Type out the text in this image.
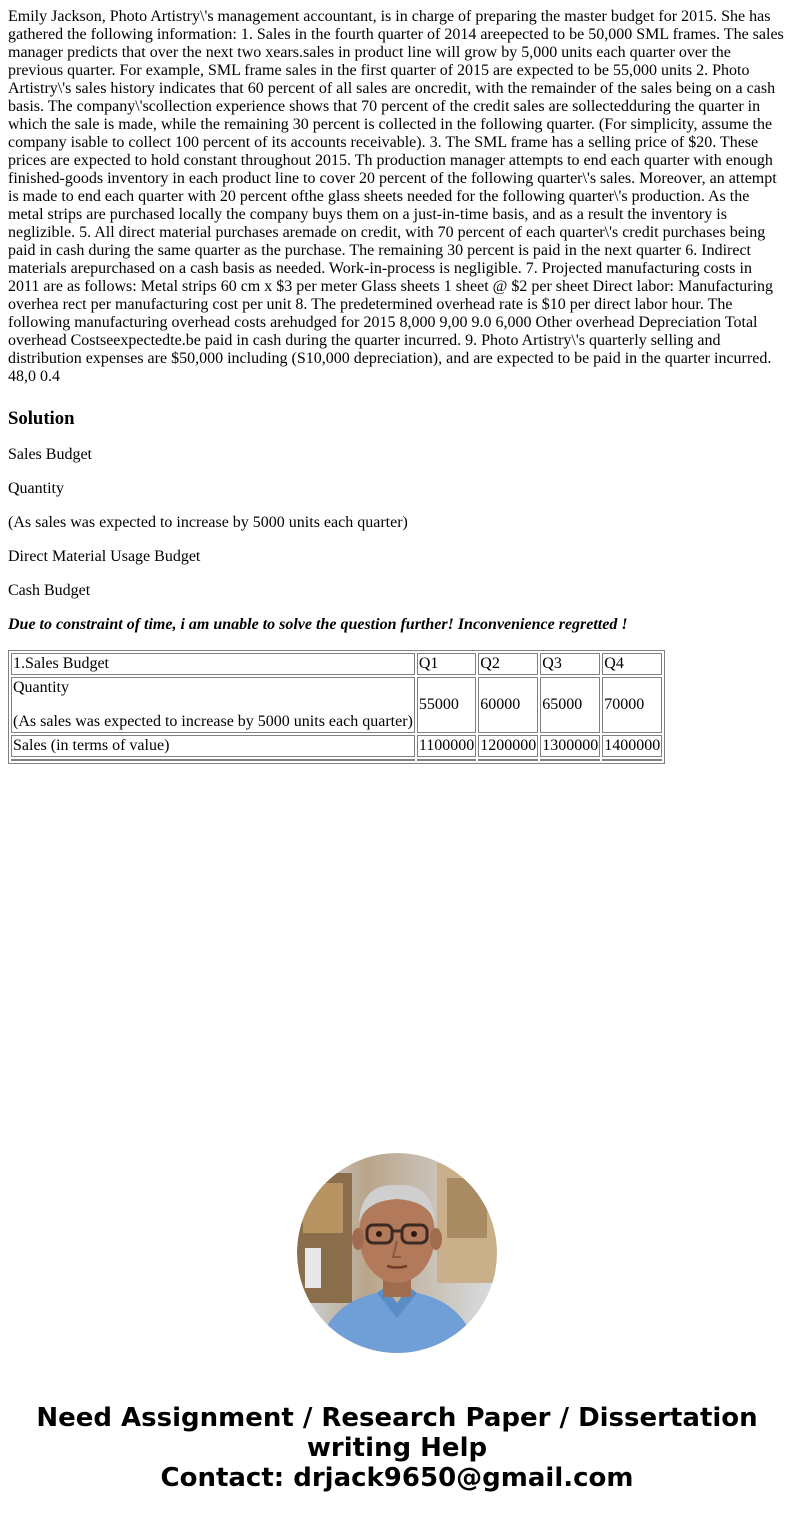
Emily Jackson, Photo Artistry\'s management accountant, is in charge of preparing the master budget for 2015. She has gathered the following information: 1. Sales in the fourth quarter of 2014 areepected to be 50,000 SML frames. The sales manager predicts that over the next two xears.sales in product line will grow by 5,000 units each quarter over the previous quarter. For example, SML frame sales in the first quarter of 2015 are expected to be 55,000 units 2. Photo Artistry\'s sales history indicates that 60 percent of all sales are oncredit, with the remainder of the sales being on a cash basis. The company\'scollection experience shows that 70 percent of the credit sales are sollectedduring the quarter in which the sale is made, while the remaining 30 percent is collected in the following quarter. (For simplicity, assume the company isable to collect 100 percent of its accounts receivable). 3. The SML frame has a selling price of $20. These prices are expected to hold constant throughout 2015. Th production manager attempts to end each quarter with enough finished-goods inventory in each product line to cover 20 percent of the following quarter\'s sales. Moreover, an attempt is made to end each quarter with 20 percent ofthe glass sheets needed for the following quarter\'s production. As the metal strips are purchased locally the company buys them on a just-in-time basis, and as a result the inventory is neglizible. 5. All direct material purchases aremade on credit, with 70 percent of each quarter\'s credit purchases being paid in cash during the same quarter as the purchase. The remaining 30 percent is paid in the next quarter 6. Indirect materials arepurchased on a cash basis as needed. Work-in-process is negligible. 7. Projected manufacturing costs in 2011 are as follows: Metal strips 60 cm x $3 per meter Glass sheets 1 sheet @ $2 per sheet Direct labor: Manufacturing overhea rect per manufacturing cost per unit 8. The predetermined overhead rate is $10 per direct labor hour. The following manufacturing overhead costs arehudged for 2015 8,000 9,00 9.0 6,000 Other overhead Depreciation Total overhead Costseexpectedte.be paid in cash during the quarter incurred. 9. Photo Artistry\'s quarterly selling and distribution expenses are $50,000 including (S10,000 depreciation), and are expected to be paid in the quarter incurred. 48,0 0.4
Solution

Sales Budget

Quantity

(As sales was expected to increase by 5000 units each quarter)

Direct Material Usage Budget

Cash Budget

Due to constraint of time, i am unable to solve the question further! Inconvenience regretted !

1.Sales Budget	Q1	Q2	Q3	Q4
Quantity
(As sales was expected to increase by 5000 units each quarter)	55000	60000	65000	70000
Sales (in terms of value)	1100000	1200000	1300000	1400000

Need Assignment / Research Paper / Dissertation
writing Help
Contact: drjack9650@gmail.com
